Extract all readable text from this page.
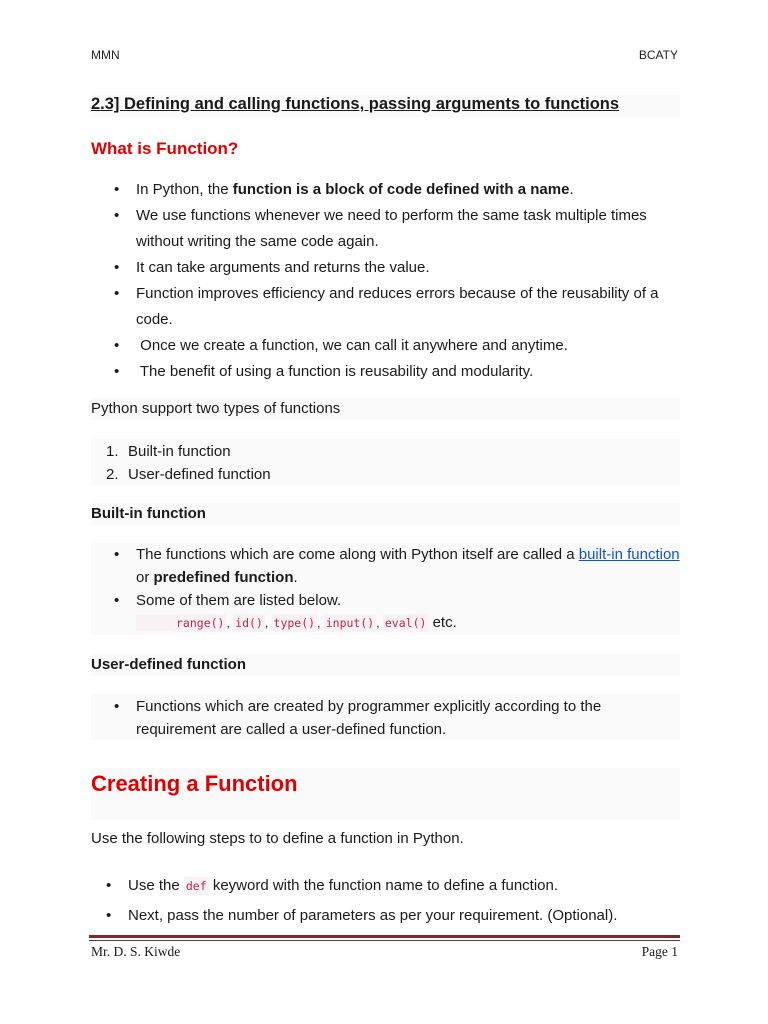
MMN	BCATY
2.3] Defining and calling functions, passing arguments to functions
What is Function?
• In Python, the function is a block of code defined with a name.
• We use functions whenever we need to perform the same task multiple times without writing the same code again.
• It can take arguments and returns the value.
• Function improves efficiency and reduces errors because of the reusability of a code.
• Once we create a function, we can call it anywhere and anytime.
• The benefit of using a function is reusability and modularity.
Python support two types of functions
1. Built-in function
2. User-defined function
Built-in function
• The functions which are come along with Python itself are called a built-in function or predefined function.
• Some of them are listed below.
range() , id() , type() , input() , eval() etc.
User-defined function
• Functions which are created by programmer explicitly according to the requirement are called a user-defined function.
Creating a Function
Use the following steps to to define a function in Python.
• Use the def keyword with the function name to define a function.
• Next, pass the number of parameters as per your requirement. (Optional).
Mr. D. S. Kiwde	Page 1
